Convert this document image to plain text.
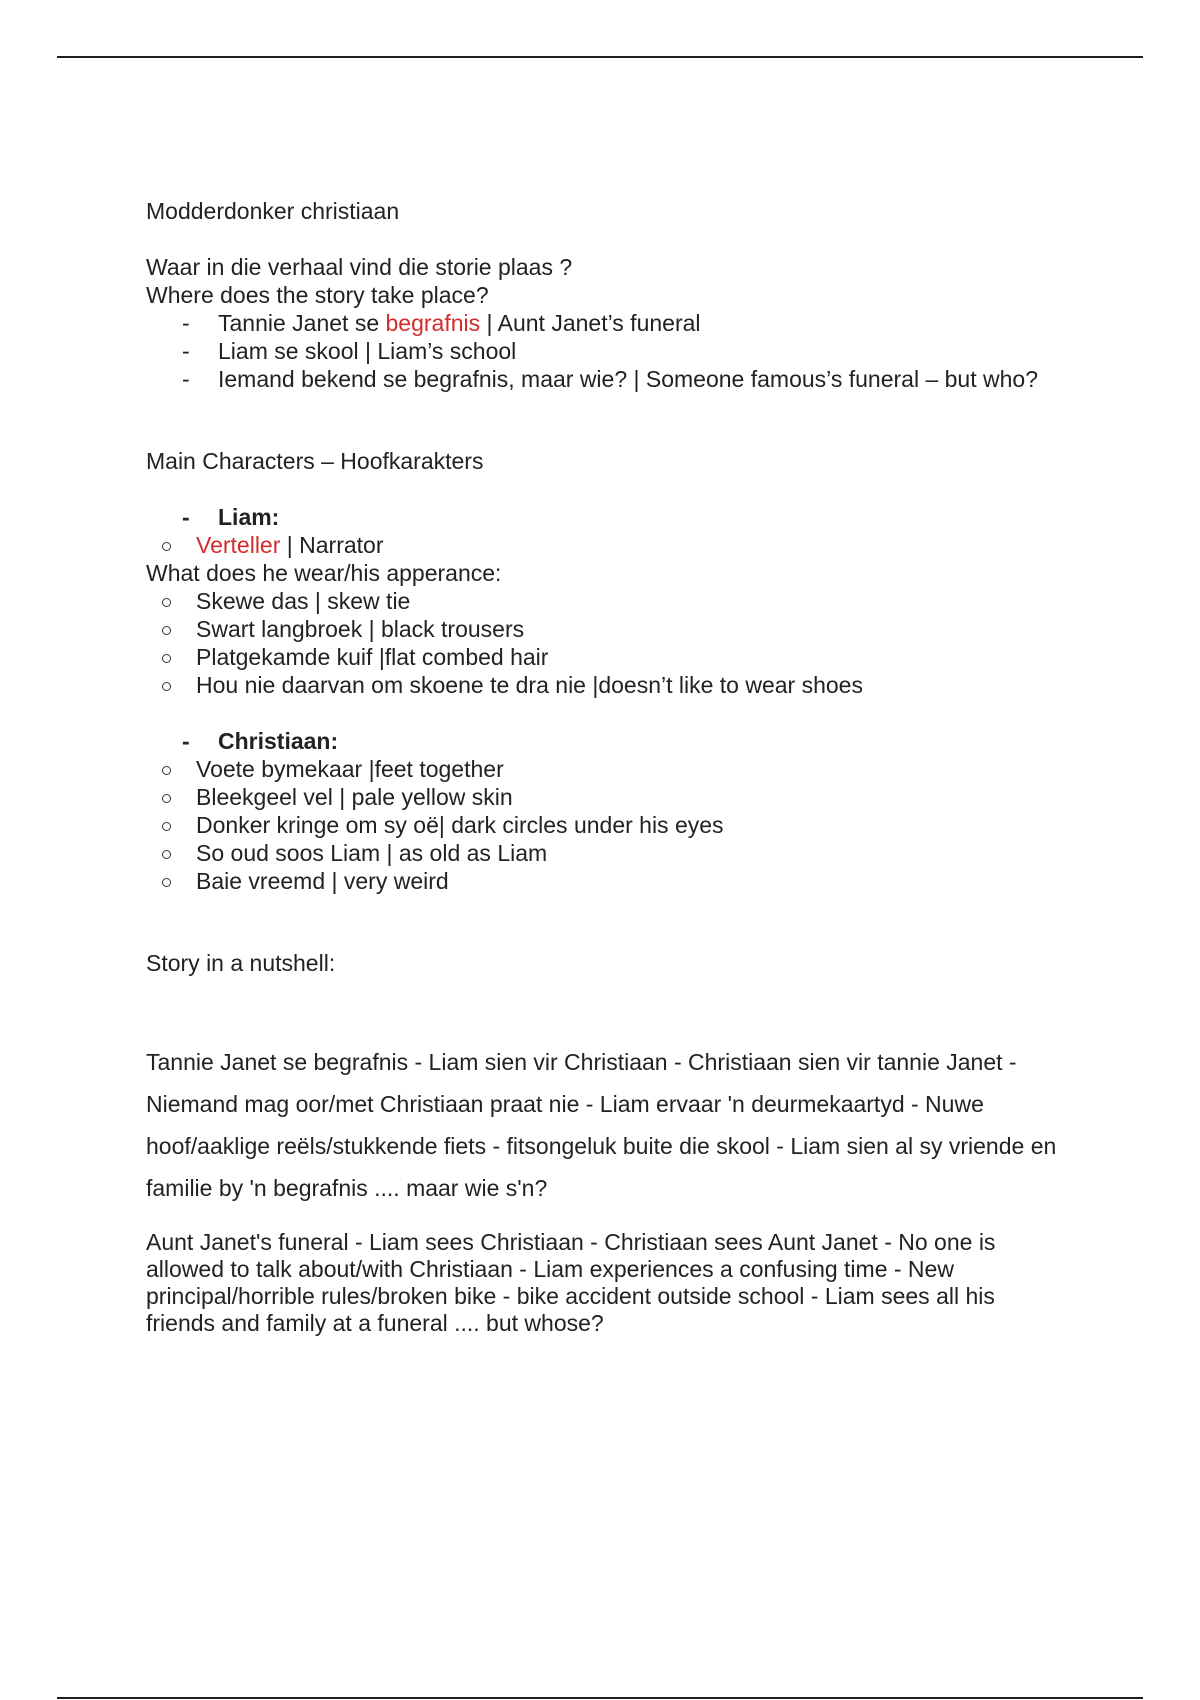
Modderdonker christiaan

Waar in die verhaal vind die storie plaas ?

Where does the story take place?

- Tannie Janet se begrafnis | Aunt Janet’s funeral
- Liam se skool | Liam’s school
- Iemand bekend se begrafnis, maar wie? | Someone famous’s funeral – but who?

Main Characters – Hoofkarakters

- Liam:
Verteller | Narrator

What does he wear/his apperance:

Skewe das | skew tie
Swart langbroek | black trousers
Platgekamde kuif |flat combed hair
Hou nie daarvan om skoene te dra nie |doesn’t like to wear shoes
- Christiaan:
Voete bymekaar |feet together
Bleekgeel vel | pale yellow skin
Donker kringe om sy oë| dark circles under his eyes
So oud soos Liam | as old as Liam
Baie vreemd | very weird

Story in a nutshell:

Tannie Janet se begrafnis - Liam sien vir Christiaan - Christiaan sien vir tannie Janet - Niemand mag oor/met Christiaan praat nie - Liam ervaar 'n deurmekaartyd - Nuwe hoof/aaklige reëls/stukkende fiets - fitsongeluk buite die skool - Liam sien al sy vriende en familie by 'n begrafnis .... maar wie s'n?

Aunt Janet's funeral - Liam sees Christiaan - Christiaan sees Aunt Janet - No one is allowed to talk about/with Christiaan - Liam experiences a confusing time - New principal/horrible rules/broken bike - bike accident outside school - Liam sees all his friends and family at a funeral .... but whose?
